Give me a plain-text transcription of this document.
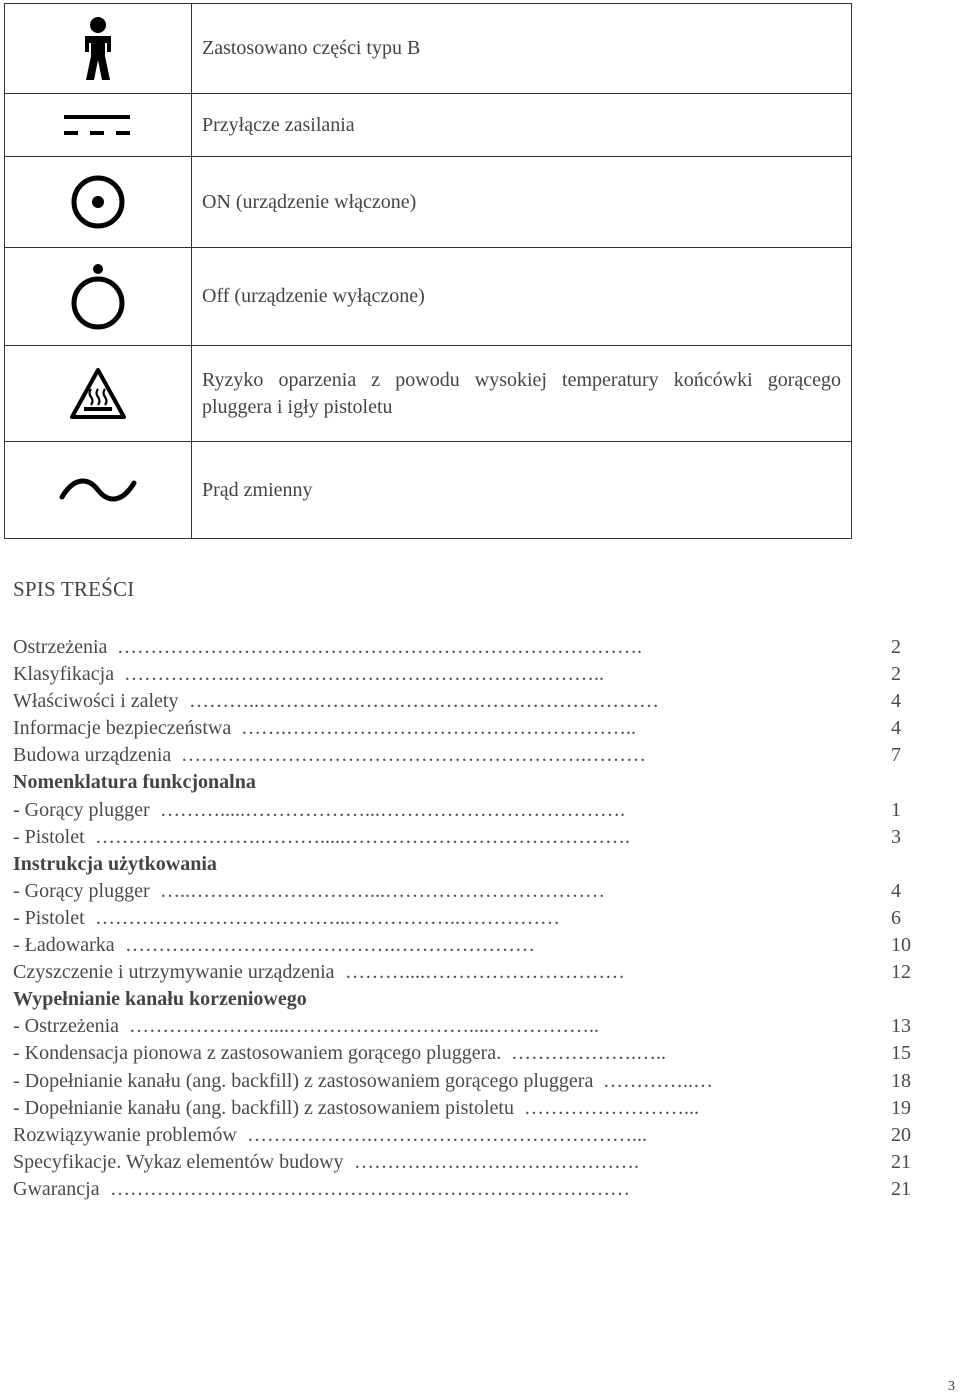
	Zastosowano części typu B

	Przyłącze zasilania

	ON (urządzenie włączone)

	Off (urządzenie wyłączone)

	Ryzyko oparzenia z powodu wysokiej temperatury końcówki gorącego pluggera i igły pistoletu

	Prąd zmienny
SPIS TREŚCI
Ostrzeżenia …………………………………………………………………….	2
Klasyfikacja ……………..………………………………………………..	2
Właściwości i zalety ………..……………………………………………………	4
Informacje bezpieczeństwa …….……………………………………………..	4
Budowa urządzenia …………………………………………………….………	7
Nomenklatura funkcjonalna
- Gorący plugger ……….....………………...……………………………….	1
- Pistolet …………………….……….....…………………………………….	3
Instrukcja użytkowania
- Gorący plugger …..………………………...……………………………	4
- Pistolet ………………………………...……………..……………	6
- Ładowarka ……….………………………….…………………	10
Czyszczenie i utrzymywanie urządzenia ………....…………………………	12
Wypełnianie kanału korzeniowego
- Ostrzeżenia …………………....………………………....……………..	13
- Kondensacja pionowa z zastosowaniem gorącego pluggera. ……………….…..	15
- Dopełnianie kanału (ang. backfill) z zastosowaniem gorącego pluggera …………..…	18
- Dopełnianie kanału (ang. backfill) z zastosowaniem pistoletu ……………………...	19
Rozwiązywanie problemów ……………….…………………………………...	20
Specyfikacje. Wykaz elementów budowy …………………………………….	21
Gwarancja ……………………………………………………………………	21
3
